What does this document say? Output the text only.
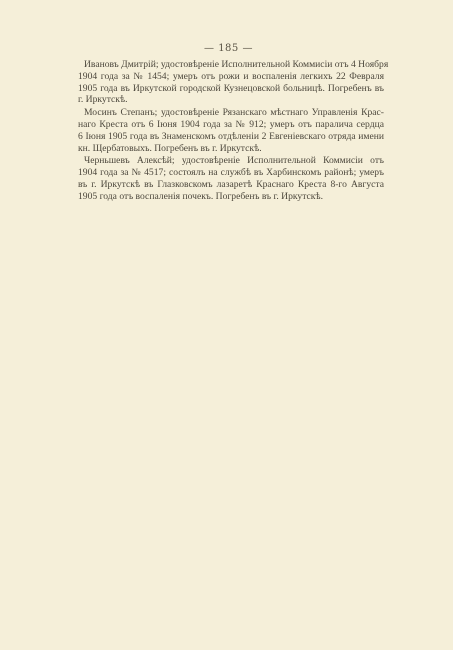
— 185 —
Ивановъ Дмитрій; удостовѣреніе Исполнительной Коммисіи отъ 4 Ноября
1904 года за № 1454; умеръ отъ рожи и воспаленія легкихъ 22 Февраля
1905 года въ Иркутской городской Кузнецовской больницѣ. Погребенъ въ
г. Иркутскѣ.
Мосинъ Степанъ; удостовѣреніе Рязанскаго мѣстнаго Управленія Крас-
наго Креста отъ 6 Іюня 1904 года за № 912; умеръ отъ паралича сердца
6 Іюня 1905 года въ Знаменскомъ отдѣленіи 2 Евгеніевскаго отряда имени
кн. Щербатовыхъ. Погребенъ въ г. Иркутскѣ.
Черньшевъ Алексѣй; удостовѣреніе Исполнительной Коммисіи отъ
1904 года за № 4517; состоялъ на службѣ въ Харбинскомъ районѣ; умеръ
въ г. Иркутскѣ въ Глазковскомъ лазаретѣ Краснаго Креста 8-го Августа
1905 года отъ воспаленія почекъ. Погребенъ въ г. Иркутскѣ.
